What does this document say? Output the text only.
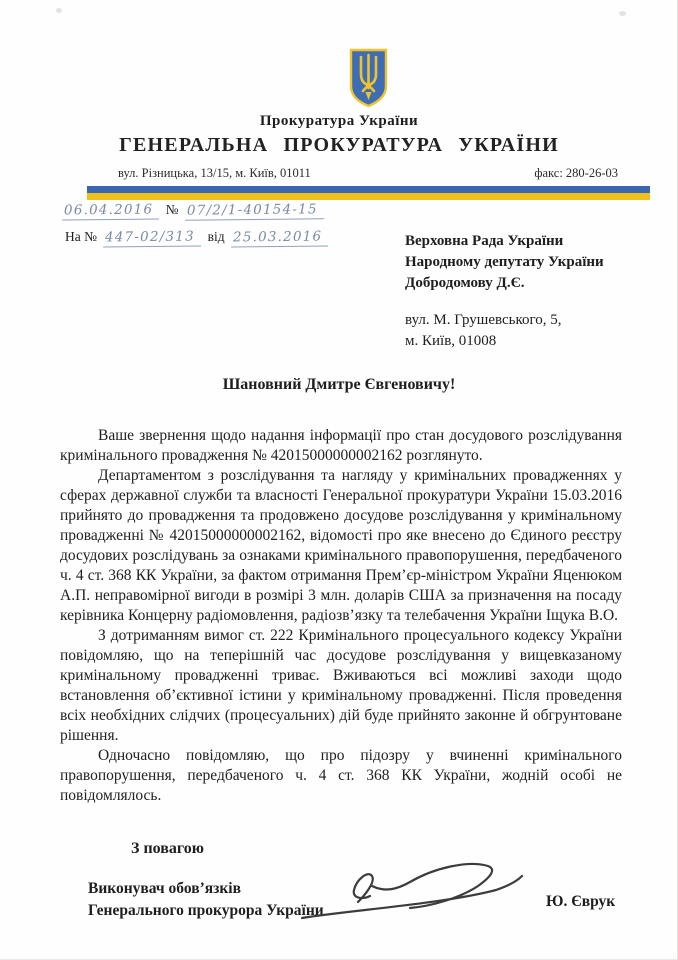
Прокуратура України
ГЕНЕРАЛЬНА ПРОКУРАТУРА УКРАЇНИ
вул. Різницька, 13/15, м. Київ, 01011	факс: 280-26-03
06.04.2016 № 07/2/1-40154-15
На № 447-02/313 від 25.03.2016	Верховна Рада України
Народному депутату України
Добродомову Д.Є.
вул. М. Грушевського, 5,
м. Київ, 01008
Шановний Дмитре Євгеновичу!

Ваше звернення щодо надання інформації про стан досудового розслідування кримінального провадження № 42015000000002162 розглянуто.

Департаментом з розслідування та нагляду у кримінальних провадженнях у сферах державної служби та власності Генеральної прокуратури України 15.03.2016 прийнято до провадження та продовжено досудове розслідування у кримінальному провадженні № 42015000000002162, відомості про яке внесено до Єдиного реєстру досудових розслідувань за ознаками кримінального правопорушення, передбаченого ч. 4 ст. 368 КК України, за фактом отримання Прем’єр-міністром України Яценюком А.П. неправомірної вигоди в розмірі 3 млн. доларів США за призначення на посаду керівника Концерну радіомовлення, радіозв’язку та телебачення України Іщука В.О.

З дотриманням вимог ст. 222 Кримінального процесуального кодексу України повідомляю, що на теперішній час досудове розслідування у вищевказаному кримінальному провадженні триває. Вживаються всі можливі заходи щодо встановлення об’єктивної істини у кримінальному провадженні. Після проведення всіх необхідних слідчих (процесуальних) дій буде прийнято законне й обгрунтоване рішення.

Одночасно повідомляю, що про підозру у вчиненні кримінального правопорушення, передбаченого ч. 4 ст. 368 КК України, жодній особі не повідомлялось.

З повагою
Виконувач обов’язків
Генерального прокурора України
Ю. Єврук
